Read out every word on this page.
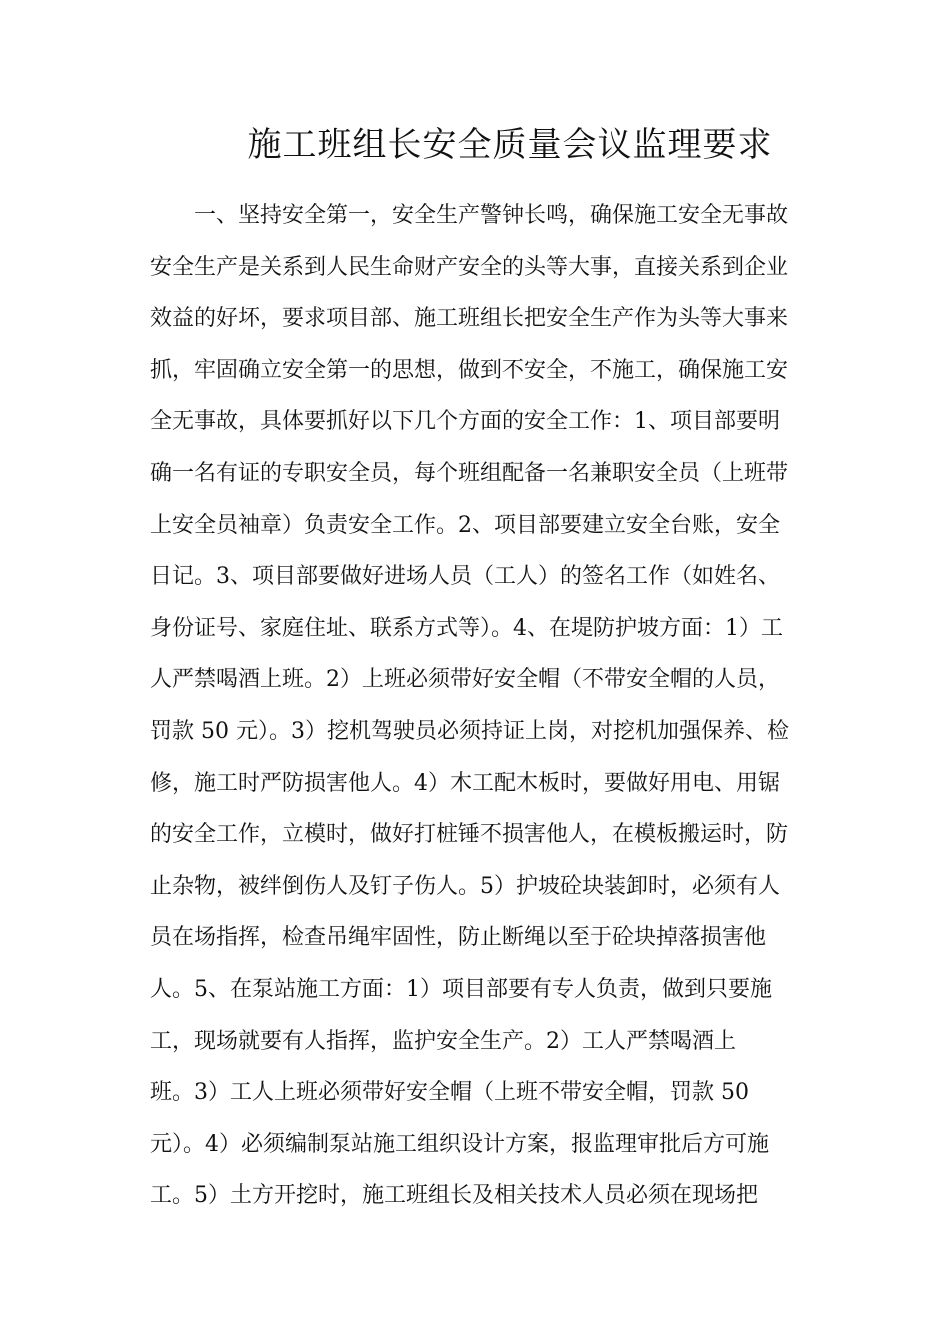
施工班组长安全质量会议监理要求
　　一、坚持安全第一，安全生产警钟长鸣，确保施工安全无事故
安全生产是关系到人民生命财产安全的头等大事，直接关系到企业
效益的好坏，要求项目部、施工班组长把安全生产作为头等大事来
抓，牢固确立安全第一的思想，做到不安全，不施工，确保施工安
全无事故，具体要抓好以下几个方面的安全工作：1、项目部要明
确一名有证的专职安全员，每个班组配备一名兼职安全员（上班带
上安全员袖章）负责安全工作。2、项目部要建立安全台账，安全
日记。3、项目部要做好进场人员（工人）的签名工作（如姓名、
身份证号、家庭住址、联系方式等）。4、在堤防护坡方面：1）工
人严禁喝酒上班。2）上班必须带好安全帽（不带安全帽的人员，
罚款 50 元）。3）挖机驾驶员必须持证上岗，对挖机加强保养、检
修，施工时严防损害他人。4）木工配木板时，要做好用电、用锯
的安全工作，立模时，做好打桩锤不损害他人，在模板搬运时，防
止杂物，被绊倒伤人及钉子伤人。5）护坡砼块装卸时，必须有人
员在场指挥，检查吊绳牢固性，防止断绳以至于砼块掉落损害他
人。5、在泵站施工方面：1）项目部要有专人负责，做到只要施
工，现场就要有人指挥，监护安全生产。2）工人严禁喝酒上
班。3）工人上班必须带好安全帽（上班不带安全帽，罚款 50
元）。4）必须编制泵站施工组织设计方案，报监理审批后方可施
工。5）土方开挖时，施工班组长及相关技术人员必须在现场把
